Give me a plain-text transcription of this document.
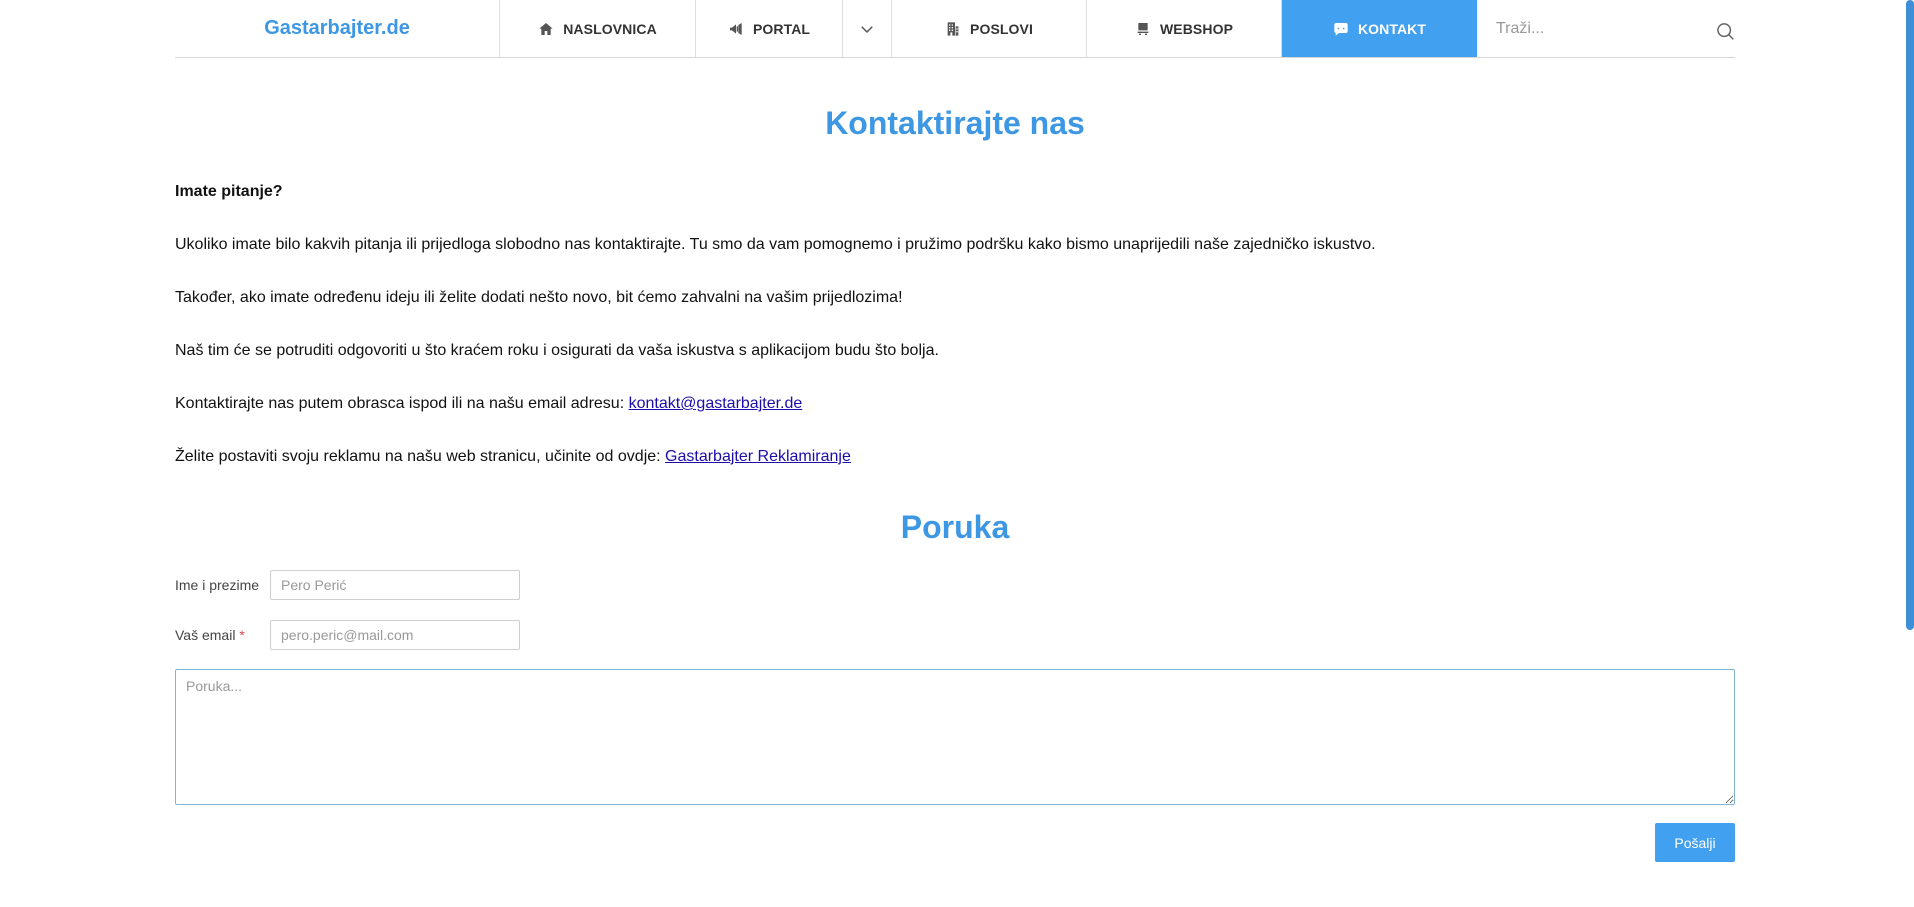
Gastarbajter.de	NASLOVNICA	PORTAL	POSLOVI	WEBSHOP	KONTAKT
Traži...
Kontaktirajte nas

Imate pitanje?

Ukoliko imate bilo kakvih pitanja ili prijedloga slobodno nas kontaktirajte. Tu smo da vam pomognemo i pružimo podršku kako bismo unaprijedili naše zajedničko iskustvo.

Također, ako imate određenu ideju ili želite dodati nešto novo, bit ćemo zahvalni na vašim prijedlozima!

Naš tim će se potruditi odgovoriti u što kraćem roku i osigurati da vaša iskustva s aplikacijom budu što bolja.

Kontaktirajte nas putem obrasca ispod ili na našu email adresu: kontakt@gastarbajter.de

Želite postaviti svoju reklamu na našu web stranicu, učinite od ovdje: Gastarbajter Reklamiranje

Poruka
Ime i prezime
Pero Perić
Vaš email *
pero.peric@mail.com
Poruka...
Pošalji
